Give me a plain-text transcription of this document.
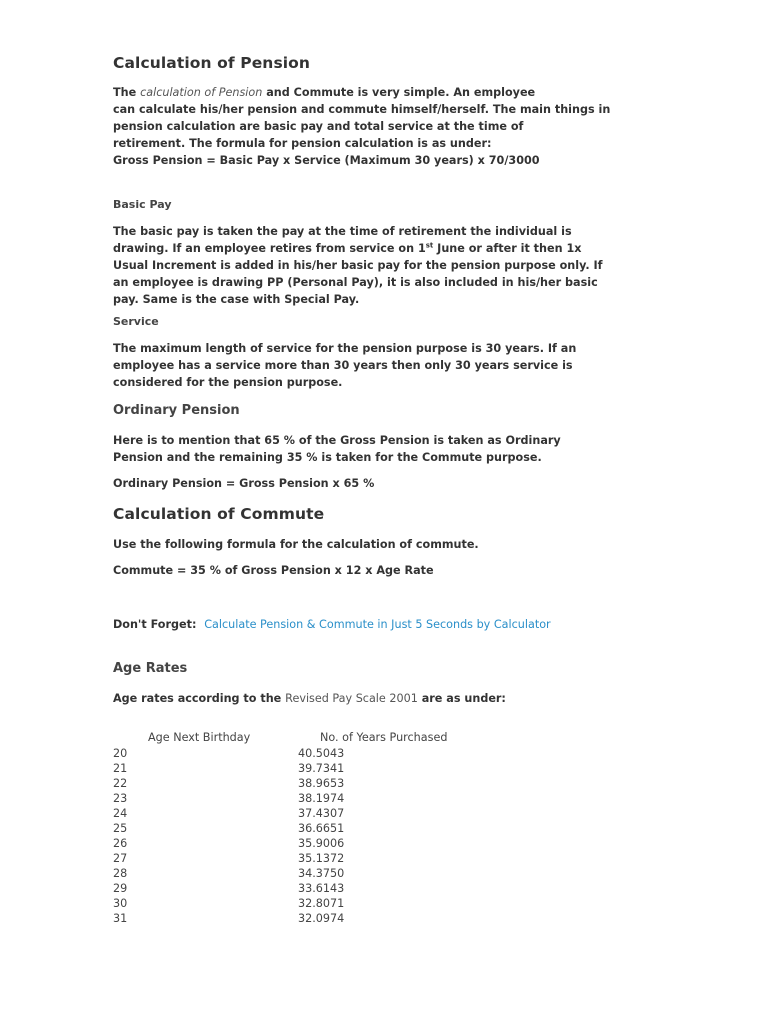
Calculation of Pension

The calculation of Pension and Commute is very simple. An employee
can calculate his/her pension and commute himself/herself. The main things in
pension calculation are basic pay and total service at the time of
retirement. The formula for pension calculation is as under:
Gross Pension = Basic Pay x Service (Maximum 30 years) x 70/3000

Basic Pay

The basic pay is taken the pay at the time of retirement the individual is
drawing. If an employee retires from service on 1st June or after it then 1x
Usual Increment is added in his/her basic pay for the pension purpose only. If
an employee is drawing PP (Personal Pay), it is also included in his/her basic
pay. Same is the case with Special Pay.

Service

The maximum length of service for the pension purpose is 30 years. If an
employee has a service more than 30 years then only 30 years service is
considered for the pension purpose.

Ordinary Pension

Here is to mention that 65 % of the Gross Pension is taken as Ordinary
Pension and the remaining 35 % is taken for the Commute purpose.

Ordinary Pension = Gross Pension x 65 %

Calculation of Commute

Use the following formula for the calculation of commute.

Commute = 35 % of Gross Pension x 12 x Age Rate

Don't Forget: Calculate Pension & Commute in Just 5 Seconds by Calculator

Age Rates

Age rates according to the Revised Pay Scale 2001 are as under:

Age Next Birthday	No. of Years Purchased
20	40.5043
21	39.7341
22	38.9653
23	38.1974
24	37.4307
25	36.6651
26	35.9006
27	35.1372
28	34.3750
29	33.6143
30	32.8071
31	32.0974
